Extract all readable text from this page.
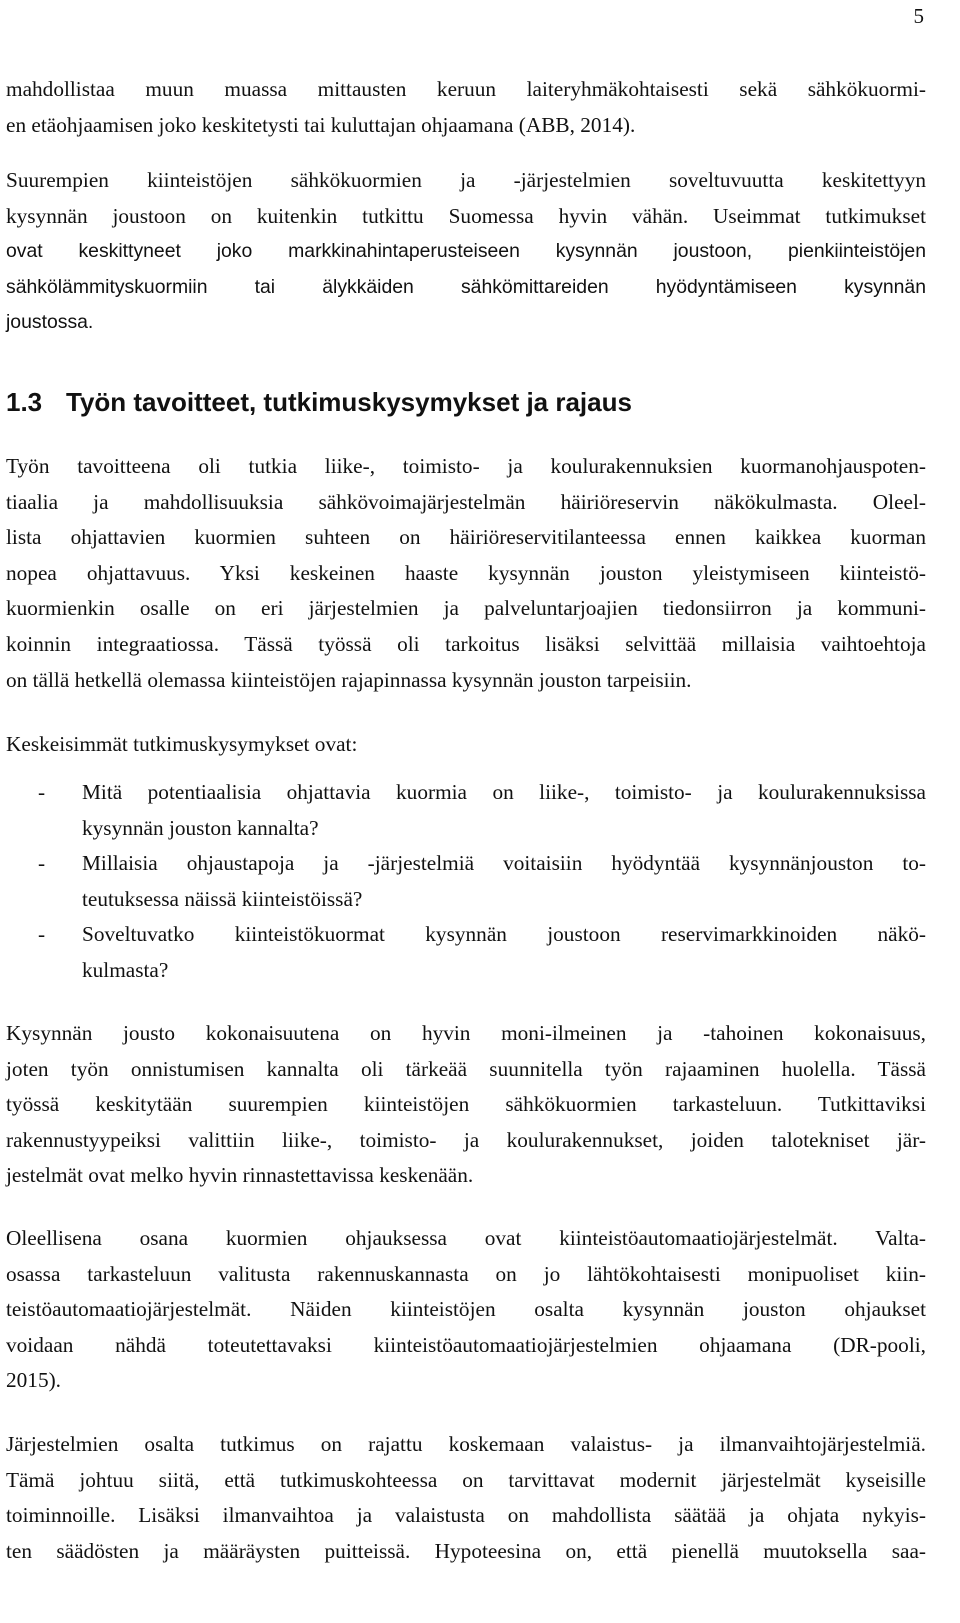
5
mahdollistaa muun muassa mittausten keruun laiteryhmäkohtaisesti sekä sähkökuormi-
en etäohjaamisen joko keskitetysti tai kuluttajan ohjaamana (ABB, 2014).
Suurempien kiinteistöjen sähkökuormien ja -järjestelmien soveltuvuutta keskitettyyn
kysynnän joustoon on kuitenkin tutkittu Suomessa hyvin vähän. Useimmat tutkimukset
ovat keskittyneet joko markkinahintaperusteiseen kysynnän joustoon, pienkiinteistöjen
sähkölämmityskuormiin tai älykkäiden sähkömittareiden hyödyntämiseen kysynnän
joustossa.
1.3 Työn tavoitteet, tutkimuskysymykset ja rajaus
Työn tavoitteena oli tutkia liike-, toimisto- ja koulurakennuksien kuormanohjauspoten-
tiaalia ja mahdollisuuksia sähkövoimajärjestelmän häiriöreservin näkökulmasta. Oleel-
lista ohjattavien kuormien suhteen on häiriöreservitilanteessa ennen kaikkea kuorman
nopea ohjattavuus. Yksi keskeinen haaste kysynnän jouston yleistymiseen kiinteistö-
kuormienkin osalle on eri järjestelmien ja palveluntarjoajien tiedonsiirron ja kommuni-
koinnin integraatiossa. Tässä työssä oli tarkoitus lisäksi selvittää millaisia vaihtoehtoja
on tällä hetkellä olemassa kiinteistöjen rajapinnassa kysynnän jouston tarpeisiin.
Keskeisimmät tutkimuskysymykset ovat:
- Mitä potentiaalisia ohjattavia kuormia on liike-, toimisto- ja koulurakennuksissa
kysynnän jouston kannalta?
- Millaisia ohjaustapoja ja -järjestelmiä voitaisiin hyödyntää kysynnänjouston to-
teutuksessa näissä kiinteistöissä?
- Soveltuvatko kiinteistökuormat kysynnän joustoon reservimarkkinoiden näkö-
kulmasta?
Kysynnän jousto kokonaisuutena on hyvin moni-ilmeinen ja -tahoinen kokonaisuus,
joten työn onnistumisen kannalta oli tärkeää suunnitella työn rajaaminen huolella. Tässä
työssä keskitytään suurempien kiinteistöjen sähkökuormien tarkasteluun. Tutkittaviksi
rakennustyypeiksi valittiin liike-, toimisto- ja koulurakennukset, joiden talotekniset jär-
jestelmät ovat melko hyvin rinnastettavissa keskenään.
Oleellisena osana kuormien ohjauksessa ovat kiinteistöautomaatiojärjestelmät. Valta-
osassa tarkasteluun valitusta rakennuskannasta on jo lähtökohtaisesti monipuoliset kiin-
teistöautomaatiojärjestelmät. Näiden kiinteistöjen osalta kysynnän jouston ohjaukset
voidaan nähdä toteutettavaksi kiinteistöautomaatiojärjestelmien ohjaamana (DR-pooli,
2015).
Järjestelmien osalta tutkimus on rajattu koskemaan valaistus- ja ilmanvaihtojärjestelmiä.
Tämä johtuu siitä, että tutkimuskohteessa on tarvittavat modernit järjestelmät kyseisille
toiminnoille. Lisäksi ilmanvaihtoa ja valaistusta on mahdollista säätää ja ohjata nykyis-
ten säädösten ja määräysten puitteissä. Hypoteesina on, että pienellä muutoksella saa-
